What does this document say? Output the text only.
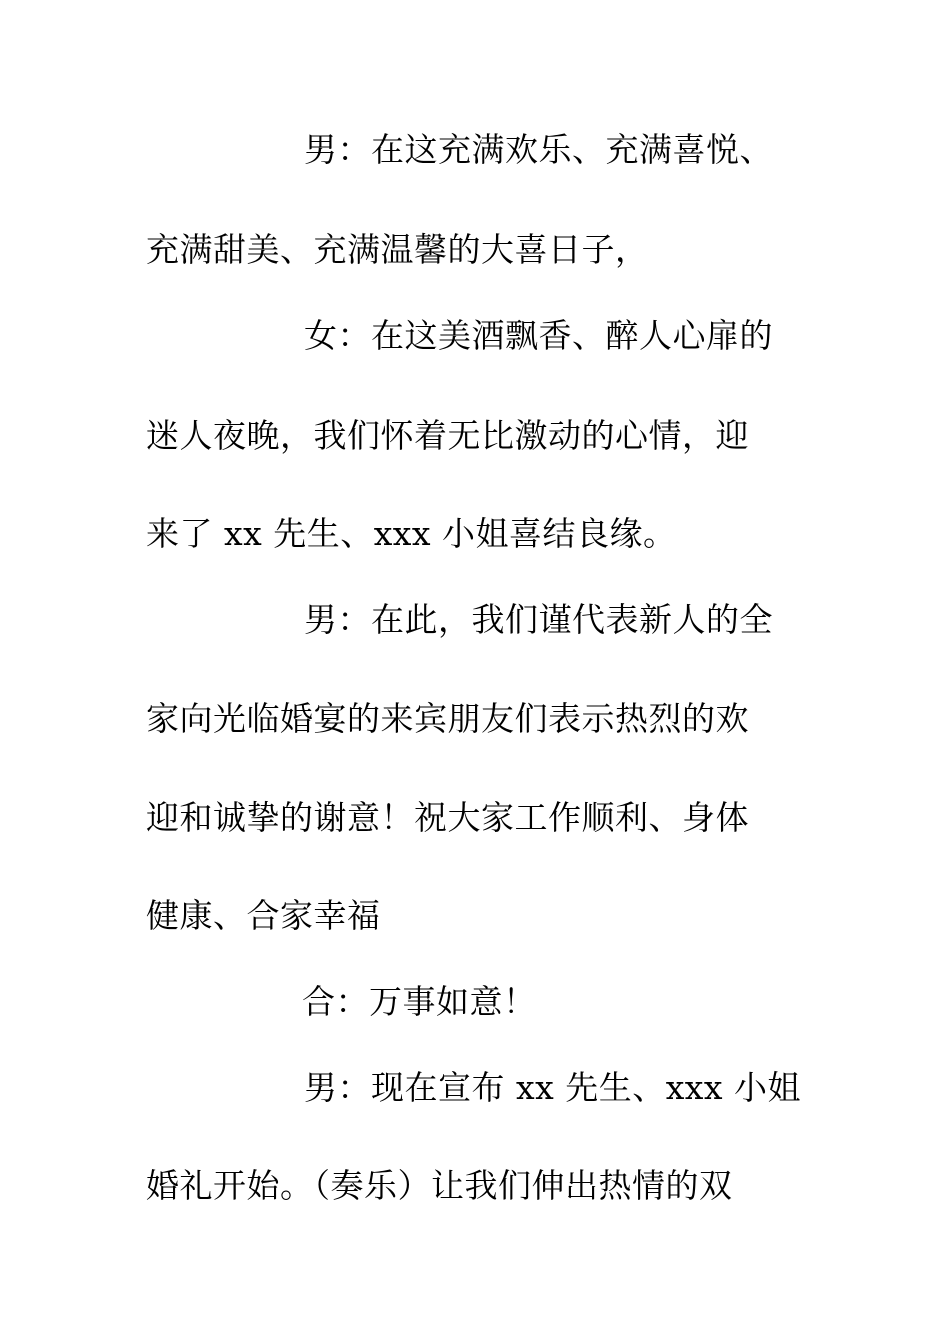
男：在这充满欢乐、充满喜悦、
充满甜美、充满温馨的大喜日子，
女：在这美酒飘香、醉人心扉的
迷人夜晚，我们怀着无比激动的心情，迎
来了 xx 先生、xxx 小姐喜结良缘。
男：在此，我们谨代表新人的全
家向光临婚宴的来宾朋友们表示热烈的欢
迎和诚挚的谢意！祝大家工作顺利、身体
健康、合家幸福
合：万事如意！
男：现在宣布 xx 先生、xxx 小姐
婚礼开始。（奏乐）让我们伸出热情的双
